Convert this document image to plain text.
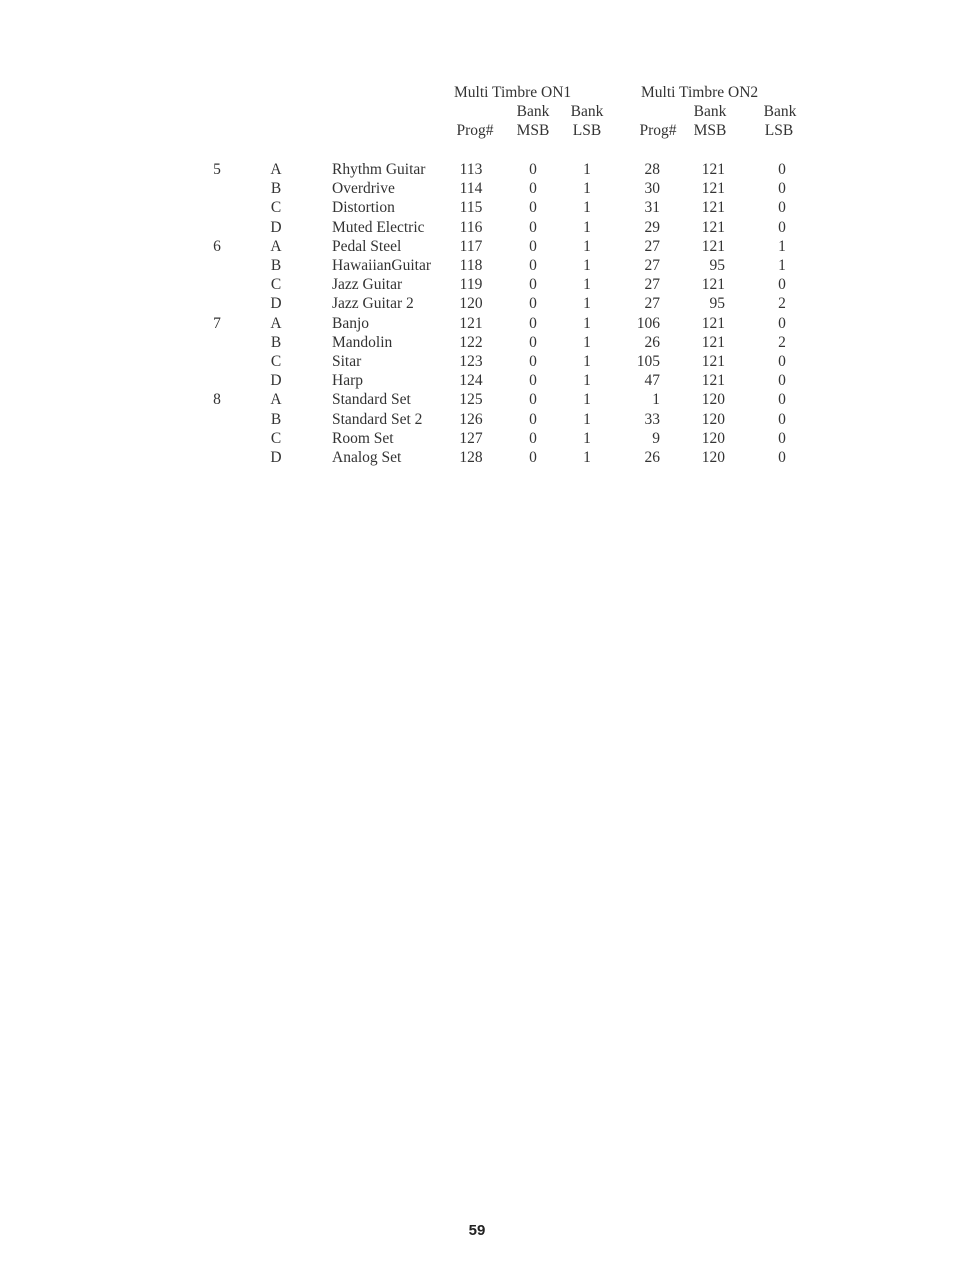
Multi Timbre ON1	Multi Timbre ON2
Bank Bank	Bank Bank
Prog# MSB LSB Prog# MSB LSB
5	A	Rhythm Guitar 113	0	1	28	121	0
B	Overdrive	114	0	1	30	121	0
C	Distortion	115	0	1	31	121	0
D	Muted Electric 116	0	1	29	121	0
6	A	Pedal Steel	117	0	1	27	121	1
B	HawaiianGuitar 118	0	1	27	95	1
C	Jazz Guitar	119	0	1	27	121	0
D	Jazz Guitar 2	120	0	1	27	95	2
7	A	Banjo	121	0	1	106	121	0
B	Mandolin	122	0	1	26	121	2
C	Sitar	123	0	1	105	121	0
D	Harp	124	0	1	47	121	0
8	A	Standard Set	125	0	1	1	120	0
B	Standard Set 2 126	0	1	33	120	0
C	Room Set	127	0	1	9	120	0
D	Analog Set	128	0	1	26	120	0
59
